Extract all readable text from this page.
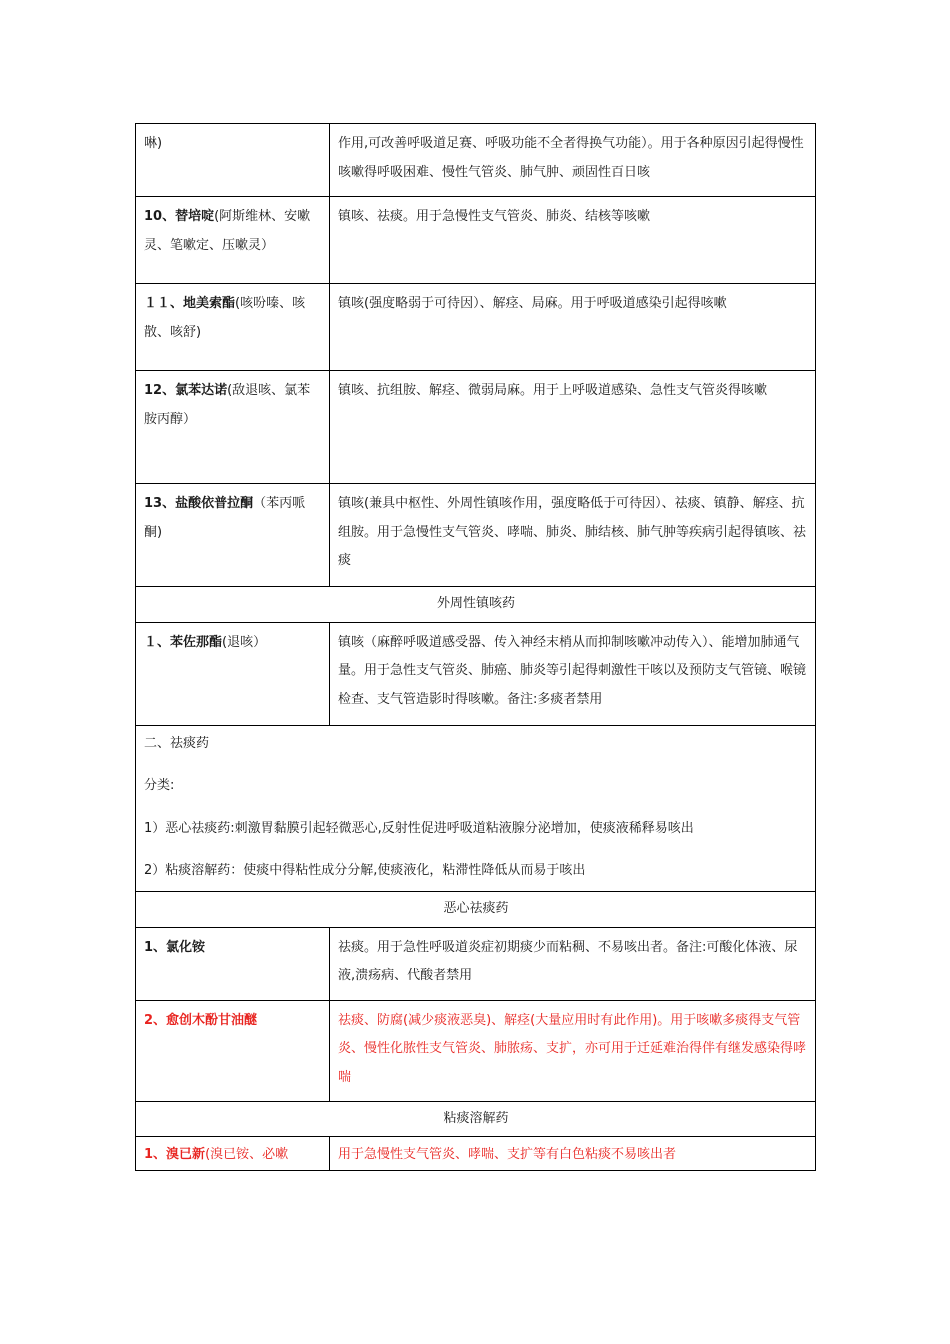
啉)	作用,可改善呼吸道足赛、呼吸功能不全者得换气功能）。用于各种原因引起得慢性咳嗽得呼吸困难、慢性气管炎、肺气肿、顽固性百日咳
10、替培啶(阿斯维林、安嗽灵、笔嗽定、压嗽灵）	镇咳、祛痰。用于急慢性支气管炎、肺炎、结核等咳嗽
１１、地美索酯(咳吩嗪、咳散、咳舒)	镇咳(强度略弱于可待因）、解痉、局麻。用于呼吸道感染引起得咳嗽
12、氯苯达诺(敌退咳、氯苯胺丙醇）	镇咳、抗组胺、解痉、微弱局麻。用于上呼吸道感染、急性支气管炎得咳嗽
13、盐酸依普拉酮（苯丙哌酮)	镇咳(兼具中枢性、外周性镇咳作用，强度略低于可待因）、祛痰、镇静、解痉、抗组胺。用于急慢性支气管炎、哮喘、肺炎、肺结核、肺气肿等疾病引起得镇咳、祛痰
外周性镇咳药	
１、苯佐那酯(退咳）	镇咳（麻醉呼吸道感受器、传入神经末梢从而抑制咳嗽冲动传入）、能增加肺通气量。用于急性支气管炎、肺癌、肺炎等引起得刺激性干咳以及预防支气管镜、喉镜检查、支气管造影时得咳嗽。备注:多痰者禁用

二、祛痰药
分类:
1）恶心祛痰药:刺激胃黏膜引起轻微恶心,反射性促进呼吸道粘液腺分泌增加，使痰液稀释易咳出
2）粘痰溶解药：使痰中得粘性成分分解,使痰液化，粘滞性降低从而易于咳出	

恶心祛痰药	
1、氯化铵	祛痰。用于急性呼吸道炎症初期痰少而粘稠、不易咳出者。备注:可酸化体液、尿液,溃疡病、代酸者禁用
2、愈创木酚甘油醚	祛痰、防腐(减少痰液恶臭)、解痉(大量应用时有此作用)。用于咳嗽多痰得支气管炎、慢性化脓性支气管炎、肺脓疡、支扩，亦可用于迁延难治得伴有继发感染得哮喘
粘痰溶解药	
1、溴已新(溴已铵、必嗽	用于急慢性支气管炎、哮喘、支扩等有白色粘痰不易咳出者
